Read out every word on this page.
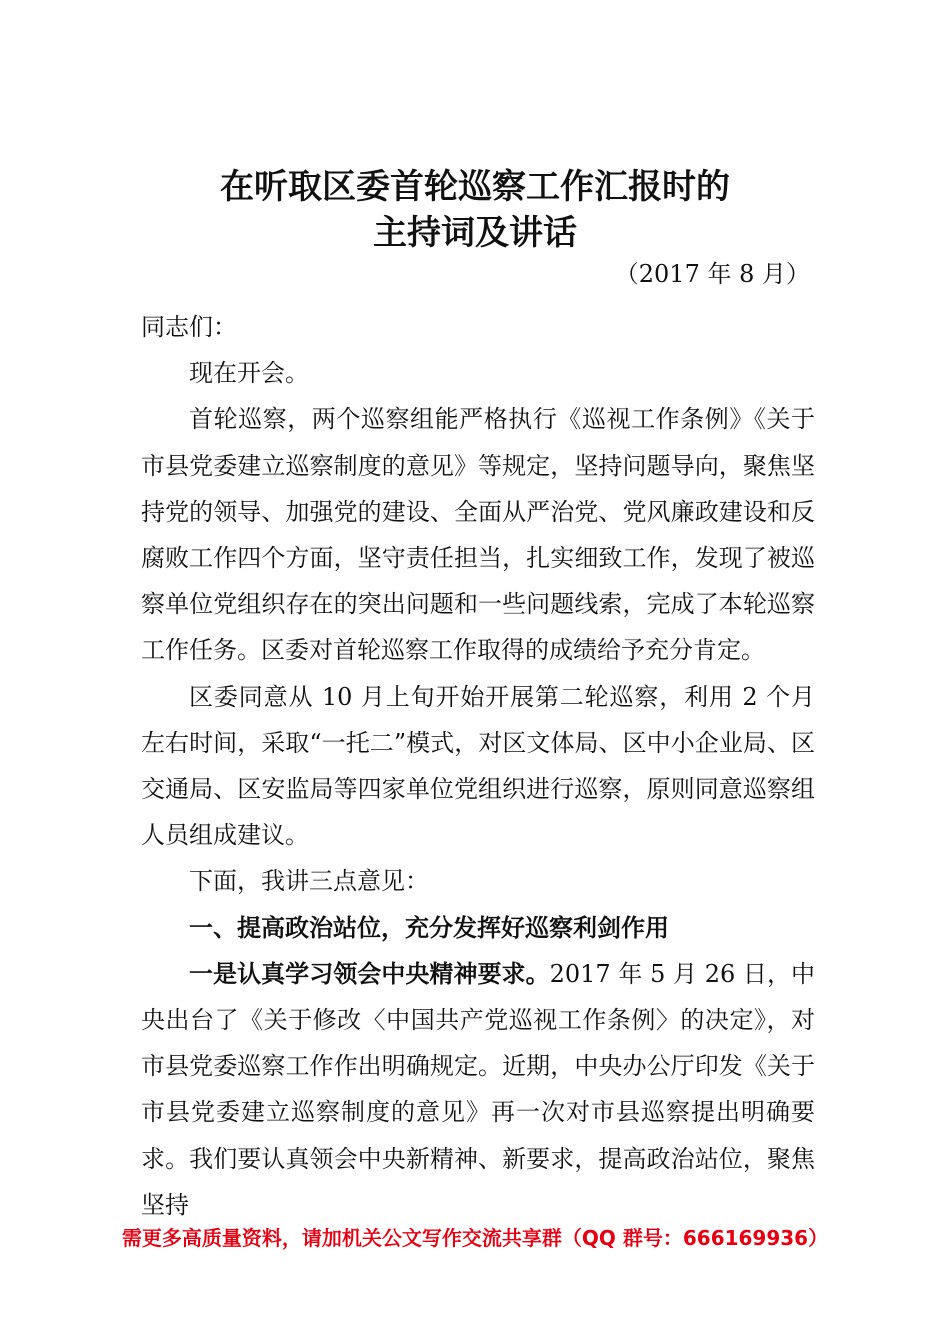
在听取区委首轮巡察工作汇报时的
主持词及讲话
（2017 年 8 月）

同志们：

现在开会。

首轮巡察，两个巡察组能严格执行《巡视工作条例》《关于市县党委建立巡察制度的意见》等规定，坚持问题导向，聚焦坚持党的领导、加强党的建设、全面从严治党、党风廉政建设和反腐败工作四个方面，坚守责任担当，扎实细致工作，发现了被巡察单位党组织存在的突出问题和一些问题线索，完成了本轮巡察工作任务。区委对首轮巡察工作取得的成绩给予充分肯定。

区委同意从 10 月上旬开始开展第二轮巡察，利用 2 个月左右时间，采取“一托二”模式，对区文体局、区中小企业局、区交通局、区安监局等四家单位党组织进行巡察，原则同意巡察组人员组成建议。

下面，我讲三点意见：

一、提高政治站位，充分发挥好巡察利剑作用

一是认真学习领会中央精神要求。2017 年 5 月 26 日，中央出台了《关于修改〈中国共产党巡视工作条例〉的决定》，对市县党委巡察工作作出明确规定。近期，中央办公厅印发《关于市县党委建立巡察制度的意见》再一次对市县巡察提出明确要求。我们要认真领会中央新精神、新要求，提高政治站位，聚焦坚持

需更多高质量资料，请加机关公文写作交流共享群（QQ 群号：666169936）
